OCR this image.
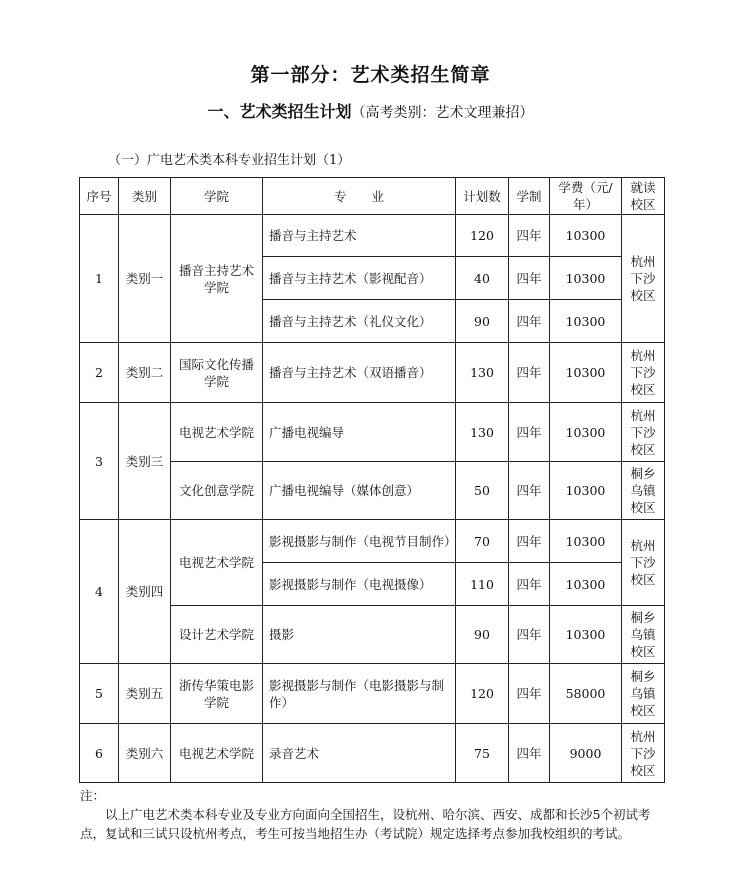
第一部分：艺术类招生简章
一、艺术类招生计划（高考类别：艺术文理兼招）
（一）广电艺术类本科专业招生计划（1）
序号	类别	学院	专　　业	计划数	学制	学费（元/年）	就读校区
1	类别一	播音主持艺术学院	播音与主持艺术	120	四年	10300	杭州下沙校区
			播音与主持艺术（影视配音）	40	四年	10300	
			播音与主持艺术（礼仪文化）	90	四年	10300	
2	类别二	国际文化传播学院	播音与主持艺术（双语播音）	130	四年	10300	杭州下沙校区
3	类别三	电视艺术学院	广播电视编导	130	四年	10300	杭州下沙校区
		文化创意学院	广播电视编导（媒体创意）	50	四年	10300	桐乡乌镇校区
4	类别四	电视艺术学院	影视摄影与制作（电视节目制作）	70	四年	10300	杭州下沙校区
			影视摄影与制作（电视摄像）	110	四年	10300	
		设计艺术学院	摄影	90	四年	10300	桐乡乌镇校区
5	类别五	浙传华策电影学院	影视摄影与制作（电影摄影与制作）	120	四年	58000	桐乡乌镇校区
6	类别六	电视艺术学院	录音艺术	75	四年	9000	杭州下沙校区
注：
以上广电艺术类本科专业及专业方向面向全国招生，设杭州、哈尔滨、西安、成都和长沙5个初试考点，复试和三试只设杭州考点，考生可按当地招生办（考试院）规定选择考点参加我校组织的考试。
